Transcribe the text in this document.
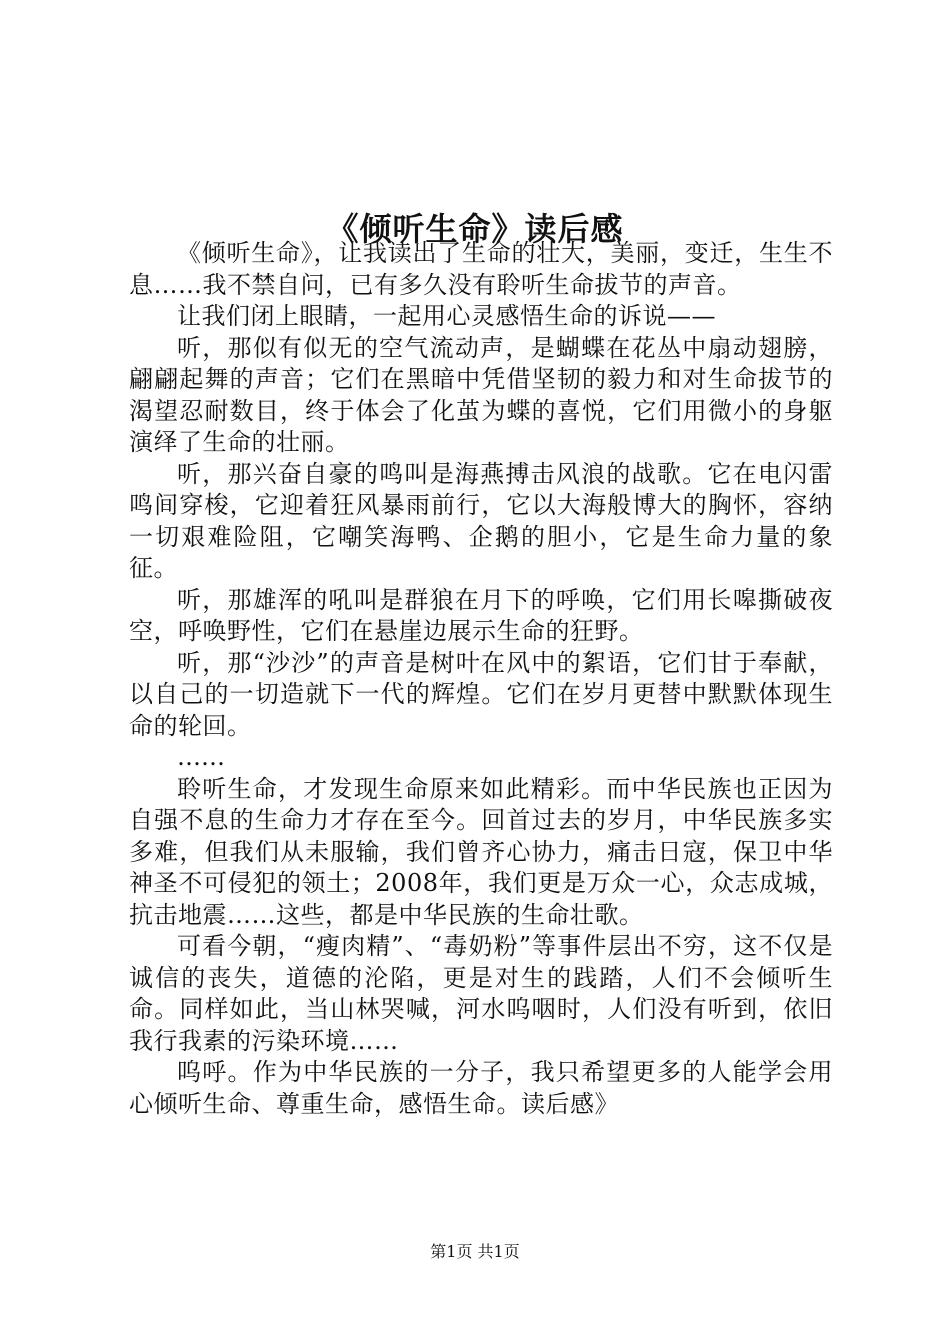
《倾听生命》读后感

《倾听生命》，让我读出了生命的壮大，美丽，变迁，生生不息……我不禁自问，已有多久没有聆听生命拔节的声音。

让我们闭上眼睛，一起用心灵感悟生命的诉说——

听，那似有似无的空气流动声，是蝴蝶在花丛中扇动翅膀，翩翩起舞的声音；它们在黑暗中凭借坚韧的毅力和对生命拔节的渴望忍耐数目，终于体会了化茧为蝶的喜悦，它们用微小的身躯演绎了生命的壮丽。

听，那兴奋自豪的鸣叫是海燕搏击风浪的战歌。它在电闪雷鸣间穿梭，它迎着狂风暴雨前行，它以大海般博大的胸怀，容纳一切艰难险阻，它嘲笑海鸭、企鹅的胆小，它是生命力量的象征。

听，那雄浑的吼叫是群狼在月下的呼唤，它们用长嗥撕破夜空，呼唤野性，它们在悬崖边展示生命的狂野。

听，那“沙沙”的声音是树叶在风中的絮语，它们甘于奉献，以自己的一切造就下一代的辉煌。它们在岁月更替中默默体现生命的轮回。

……

聆听生命，才发现生命原来如此精彩。而中华民族也正因为自强不息的生命力才存在至今。回首过去的岁月，中华民族多实多难，但我们从未服输，我们曾齐心协力，痛击日寇，保卫中华神圣不可侵犯的领土；2008年，我们更是万众一心，众志成城，抗击地震……这些，都是中华民族的生命壮歌。

可看今朝，“瘦肉精”、“毒奶粉”等事件层出不穷，这不仅是诚信的丧失，道德的沦陷，更是对生的践踏，人们不会倾听生命。同样如此，当山林哭喊，河水呜咽时，人们没有听到，依旧我行我素的污染环境……

呜呼。作为中华民族的一分子，我只希望更多的人能学会用心倾听生命、尊重生命，感悟生命。读后感》

第1页 共1页
